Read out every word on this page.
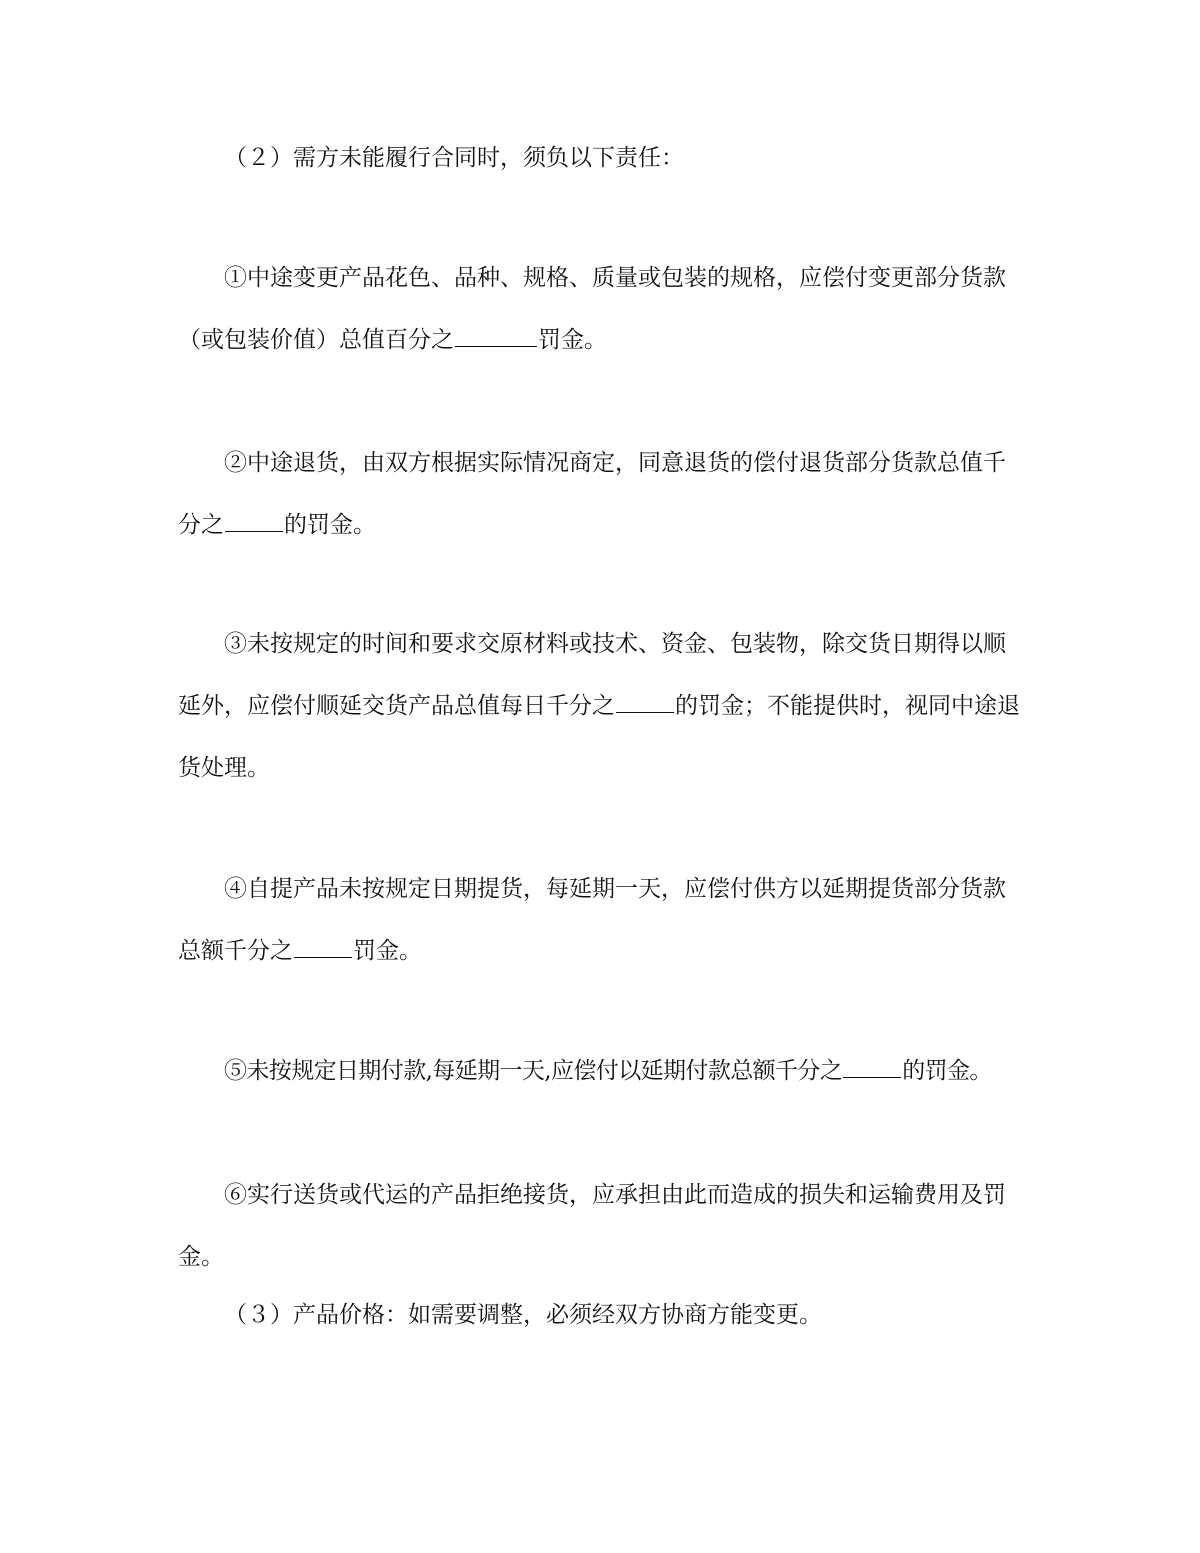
（２）需方未能履行合同时，须负以下责任：

①中途变更产品花色、品种、规格、质量或包装的规格，应偿付变更部分货款
（或包装价值）总值百分之	罚金。

②中途退货，由双方根据实际情况商定，同意退货的偿付退货部分货款总值千
分之	的罚金。

③未按规定的时间和要求交原材料或技术、资金、包装物，除交货日期得以顺
延外，应偿付顺延交货产品总值每日千分之	的罚金；不能提供时，视同中途退
货处理。

④自提产品未按规定日期提货，每延期一天，应偿付供方以延期提货部分货款
总额千分之	罚金。

⑤未按规定日期付款,每延期一天,应偿付以延期付款总额千分之	的罚金。

⑥实行送货或代运的产品拒绝接货，应承担由此而造成的损失和运输费用及罚
金。

（３）产品价格：如需要调整，必须经双方协商方能变更。
